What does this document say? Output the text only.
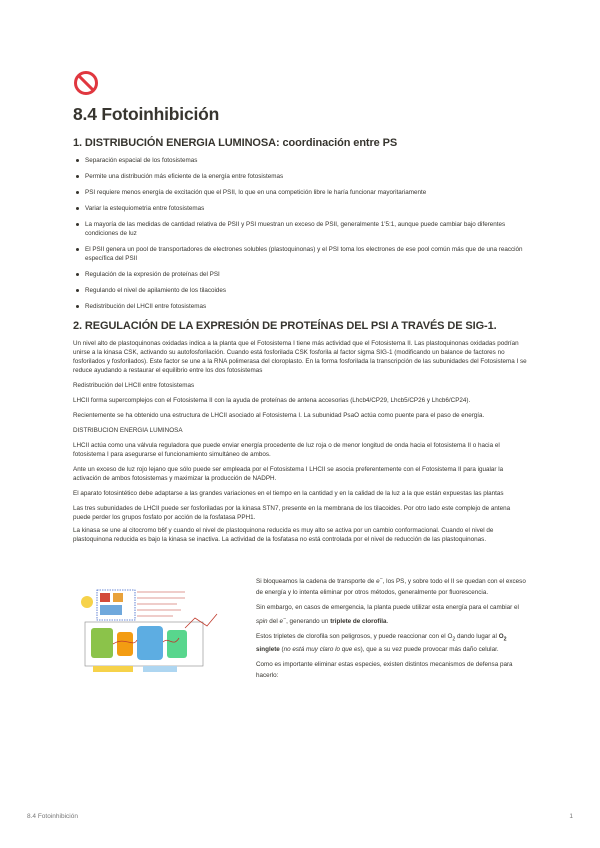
8.4 Fotoinhibición
1. DISTRIBUCIÓN ENERGIA LUMINOSA: coordinación entre PS
Separación espacial de los fotosistemas
Permite una distribución más eficiente de la energía entre fotosistemas
PSI requiere menos energía de excitación que el PSII, lo que en una competición libre le haría funcionar mayoritariamente
Variar la estequiometria entre fotosistemas
La mayoría de las medidas de cantidad relativa de PSII y PSI muestran un exceso de PSII, generalmente 1'5:1, aunque puede cambiar bajo diferentes condiciones de luz
El PSII genera un pool de transportadores de electrones solubles (plastoquinonas) y el PSI toma los electrones de ese pool común más que de una reacción específica del PSII
Regulación de la expresión de proteínas del PSI
Regulando el nivel de apilamiento de los tilacoides
Redistribución del LHCII entre fotosistemas
2. REGULACIÓN DE LA EXPRESIÓN DE PROTEÍNAS DEL PSI A TRAVÉS DE SIG-1.

Un nivel alto de plastoquinonas oxidadas indica a la planta que el Fotosistema I tiene más actividad que el Fotosistema II. Las plastoquinonas oxidadas podrían unirse a la kinasa CSK, activando su autofosforilación. Cuando está fosforilada CSK fosforila al factor sigma SIG-1 (modificando un balance de factores no fosforilados y fosforilados). Este factor se une a la RNA polimerasa del cloroplasto. En la forma fosforilada la transcripción de las subunidades del Fotosistema I se reduce ayudando a restaurar el equilibrio entre los dos fotosistemas

Redistribución del LHCII entre fotosistemas

LHCII forma supercomplejos con el Fotosistema II con la ayuda de proteínas de antena accesorias (Lhcb4/CP29, Lhcb5/CP26 y Lhcb6/CP24).

Recientemente se ha obtenido una estructura de LHCII asociado al Fotosistema I. La subunidad PsaO actúa como puente para el paso de energía.

DISTRIBUCION ENERGIA LUMINOSA

LHCII actúa como una válvula reguladora que puede enviar energía procedente de luz roja o de menor longitud de onda hacia el fotosistema II o hacia el fotosistema I para asegurarse el funcionamiento simultáneo de ambos.

Ante un exceso de luz rojo lejano que sólo puede ser empleada por el Fotosistema I LHCII se asocia preferentemente con el Fotosistema II para igualar la activación de ambos fotosistemas y maximizar la producción de NADPH.

El aparato fotosintético debe adaptarse a las grandes variaciones en el tiempo en la cantidad y en la calidad de la luz a la que están expuestas las plantas

Las tres subunidades de LHCII puede ser fosforiladas por la kinasa STN7, presente en la membrana de los tilacoides. Por otro lado este complejo de antena puede perder los grupos fosfato por acción de la fosfatasa PPH1.

La kinasa se une al citocromo b6f y cuando el nivel de plastoquinona reducida es muy alto se activa por un cambio conformacional. Cuando el nivel de plastoquinona reducida es bajo la kinasa se inactiva. La actividad de la fosfatasa no está controlada por el nivel de reducción de las plastoquinonas.

Si bloqueamos la cadena de transporte de e−, los PS, y sobre todo el II se quedan con el exceso de energía y lo intenta eliminar por otros métodos, generalmente por fluorescencia.

Sin embargo, en casos de emergencia, la planta puede utilizar esta energía para el cambiar el spin del e−, generando un triplete de clorofila.

Estos tripletes de clorofila son peligrosos, y puede reaccionar con el $O_2$ dando lugar al $O_2$ singlete (no está muy claro lo que es), que a su vez puede provocar más daño celular.

Como es importante eliminar estas especies, existen distintos mecanismos de defensa para hacerlo:

8.4 Fotoinhibición	1
